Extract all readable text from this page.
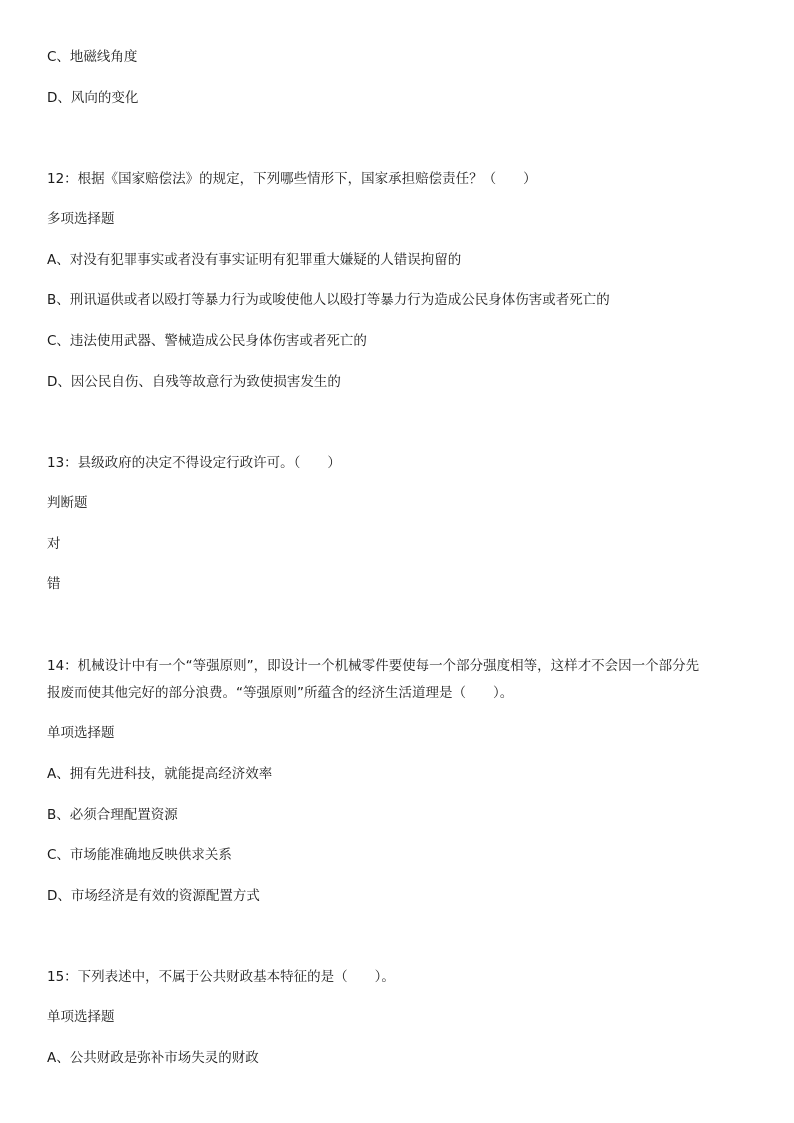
C、地磁线角度
D、风向的变化
12：根据《国家赔偿法》的规定，下列哪些情形下，国家承担赔偿责任？（　　）
多项选择题
A、对没有犯罪事实或者没有事实证明有犯罪重大嫌疑的人错误拘留的
B、刑讯逼供或者以殴打等暴力行为或唆使他人以殴打等暴力行为造成公民身体伤害或者死亡的
C、违法使用武器、警械造成公民身体伤害或者死亡的
D、因公民自伤、自残等故意行为致使损害发生的
13：县级政府的决定不得设定行政许可。（　　）
判断题
对
错
14：机械设计中有一个“等强原则”，即设计一个机械零件要使每一个部分强度相等，这样才不会因一个部分先
报废而使其他完好的部分浪费。“等强原则”所蕴含的经济生活道理是（　　）。
单项选择题
A、拥有先进科技，就能提高经济效率
B、必须合理配置资源
C、市场能准确地反映供求关系
D、市场经济是有效的资源配置方式
15：下列表述中，不属于公共财政基本特征的是（　　）。
单项选择题
A、公共财政是弥补市场失灵的财政
